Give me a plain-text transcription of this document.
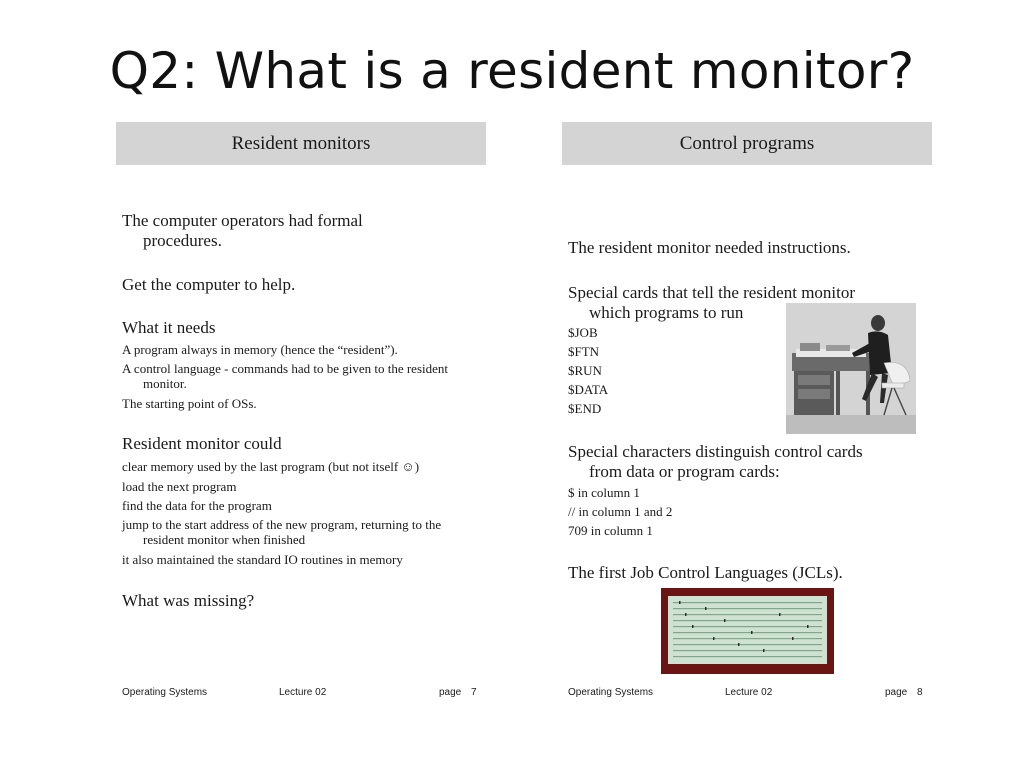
Q2: What is a resident monitor?
Resident monitors
The computer operators had formal
procedures.
Get the computer to help.
What it needs
A program always in memory (hence the “resident”).
A control language - commands had to be given to the resident
monitor.
The starting point of OSs.
Resident monitor could
clear memory used by the last program (but not itself ☺)
load the next program
find the data for the program
jump to the start address of the new program, returning to the
resident monitor when finished
it also maintained the standard IO routines in memory
What was missing?
Operating Systems	Lecture 02	page 7
Control programs
The resident monitor needed instructions.
Special cards that tell the resident monitor
which programs to run
$JOB
$FTN
$RUN
$DATA
$END
Special characters distinguish control cards
from data or program cards:
$ in column 1
// in column 1 and 2
709 in column 1
The first Job Control Languages (JCLs).
Operating Systems	Lecture 02	page 8
